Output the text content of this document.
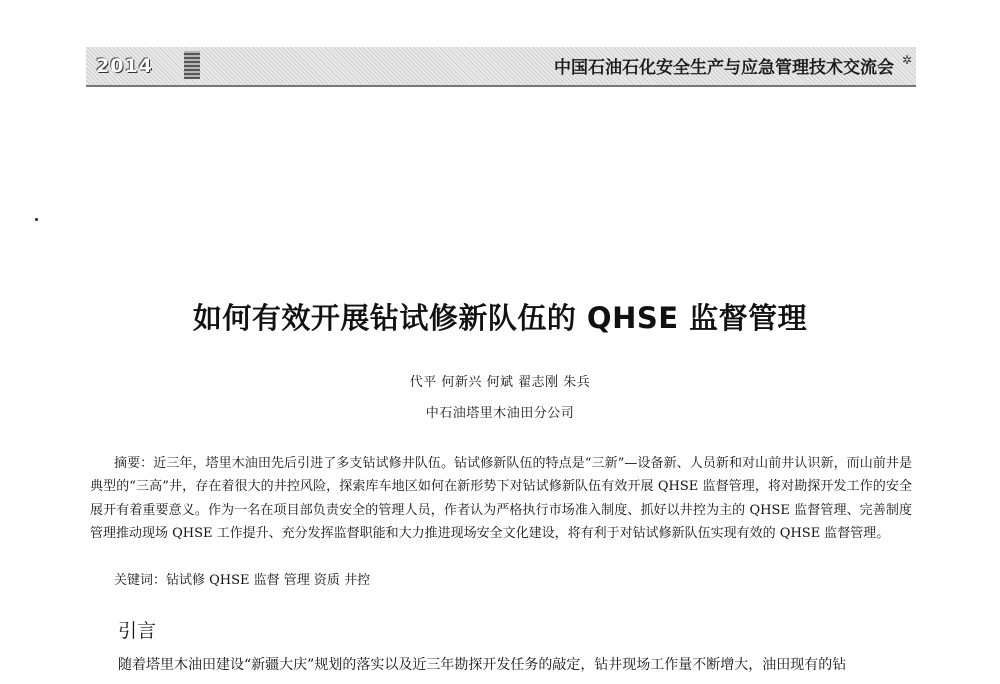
2014	中国石油石化安全生产与应急管理技术交流会 ✲
如何有效开展钻试修新队伍的 QHSE 监督管理
代平 何新兴 何斌 翟志刚 朱兵
中石油塔里木油田分公司

摘要：近三年，塔里木油田先后引进了多支钻试修井队伍。钻试修新队伍的特点是“三新”—设备新、人员新和对山前井认识新，而山前井是典型的“三高”井，存在着很大的井控风险，探索库车地区如何在新形势下对钻试修新队伍有效开展 QHSE 监督管理，将对勘探开发工作的安全展开有着重要意义。作为一名在项目部负责安全的管理人员，作者认为严格执行市场准入制度、抓好以井控为主的 QHSE 监督管理、完善制度管理推动现场 QHSE 工作提升、充分发挥监督职能和大力推进现场安全文化建设，将有利于对钻试修新队伍实现有效的 QHSE 监督管理。

关键词：钻试修 QHSE 监督 管理 资质 井控
引言

随着塔里木油田建设“新疆大庆”规划的落实以及近三年勘探开发任务的敲定，钻井现场工作量不断增大，油田现有的钻
